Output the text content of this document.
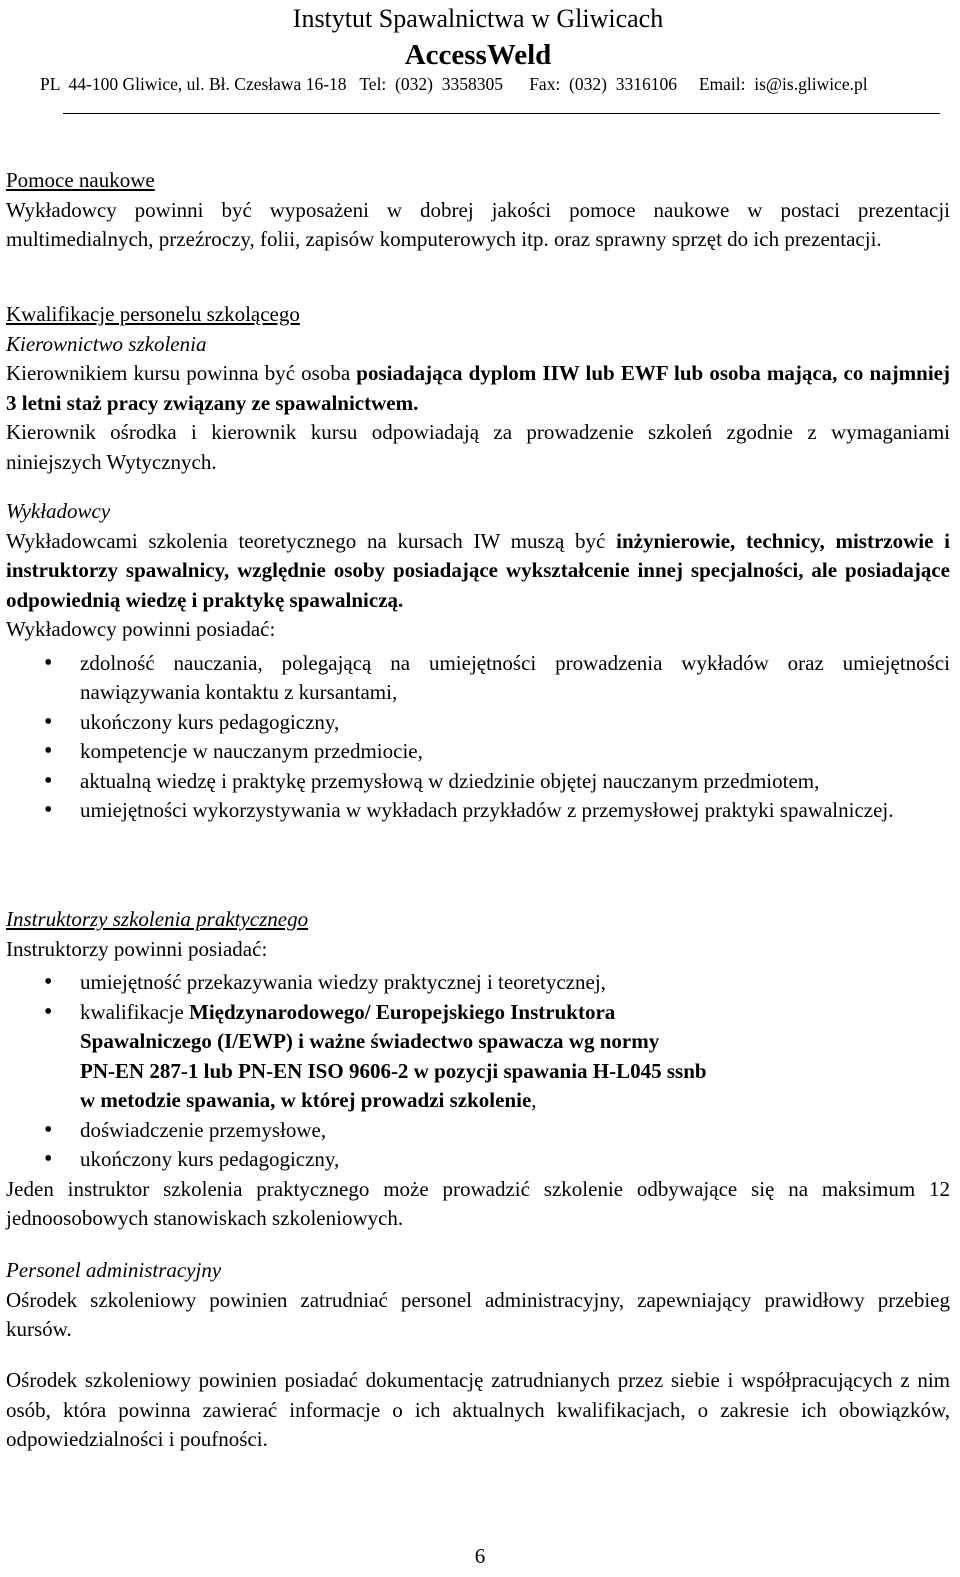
Instytut Spawalnictwa w Gliwicach
AccessWeld
PL  44-100 Gliwice, ul. Bł. Czesława 16-18   Tel:  (032)  3358305      Fax:  (032)  3316106     Email:  is@is.gliwice.pl

Pomoce naukowe

Wykładowcy powinni być wyposażeni w dobrej jakości pomoce naukowe w postaci prezentacji multimedialnych, przeźroczy, folii, zapisów komputerowych itp. oraz sprawny sprzęt do ich prezentacji.

Kwalifikacje personelu szkolącego

Kierownictwo szkolenia

Kierownikiem kursu powinna być osoba posiadająca dyplom IIW lub EWF lub osoba mająca, co najmniej 3 letni staż pracy związany ze spawalnictwem.

Kierownik ośrodka i kierownik kursu odpowiadają za prowadzenie szkoleń zgodnie z wymaganiami niniejszych Wytycznych.

Wykładowcy

Wykładowcami szkolenia teoretycznego na kursach IW muszą być inżynierowie, technicy, mistrzowie i instruktorzy spawalnicy, względnie osoby posiadające wykształcenie innej specjalności, ale posiadające odpowiednią wiedzę i praktykę spawalniczą.

Wykładowcy powinni posiadać:

• zdolność nauczania, polegającą na umiejętności prowadzenia wykładów oraz umiejętności nawiązywania kontaktu z kursantami,
• ukończony kurs pedagogiczny,
• kompetencje w nauczanym przedmiocie,
• aktualną wiedzę i praktykę przemysłową w dziedzinie objętej nauczanym przedmiotem,
• umiejętności wykorzystywania w wykładach przykładów z przemysłowej praktyki spawalniczej.

Instruktorzy szkolenia praktycznego

Instruktorzy powinni posiadać:

• umiejętność przekazywania wiedzy praktycznej i teoretycznej,
• kwalifikacje Międzynarodowego/ Europejskiego Instruktora
Spawalniczego (I/EWP) i ważne świadectwo spawacza wg normy
PN-EN 287-1 lub PN-EN ISO 9606-2 w pozycji spawania H-L045 ssnb
w metodzie spawania, w której prowadzi szkolenie,
• doświadczenie przemysłowe,
• ukończony kurs pedagogiczny,

Jeden instruktor szkolenia praktycznego może prowadzić szkolenie odbywające się na maksimum 12 jednoosobowych stanowiskach szkoleniowych.

Personel administracyjny

Ośrodek szkoleniowy powinien zatrudniać personel administracyjny, zapewniający prawidłowy przebieg kursów.

Ośrodek szkoleniowy powinien posiadać dokumentację zatrudnianych przez siebie i współpracujących z nim osób, która powinna zawierać informacje o ich aktualnych kwalifikacjach, o zakresie ich obowiązków, odpowiedzialności i poufności.

6
